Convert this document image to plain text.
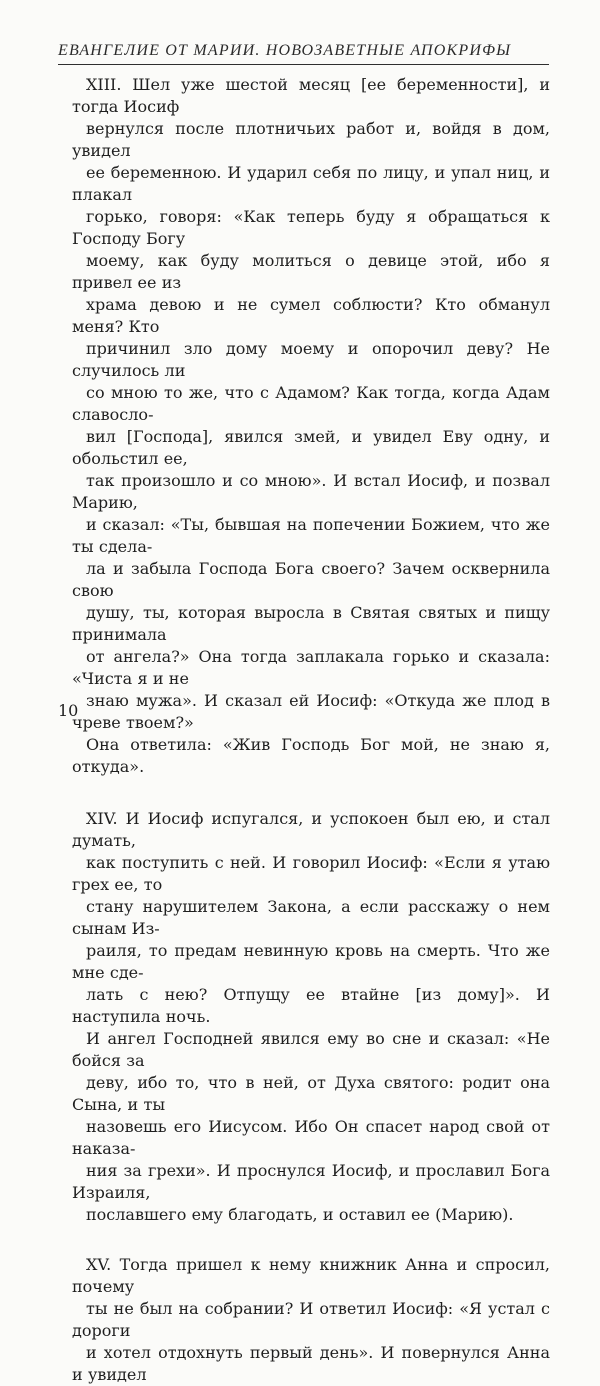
ЕВАНГЕЛИЕ ОТ МАРИИ. НОВОЗАВЕТНЫЕ АПОКРИФЫ

XIII. Шел уже шестой месяц [ее беременности], и тогда Иосиф
вернулся после плотничьих работ и, войдя в дом, увидел
ее беременною. И ударил себя по лицу, и упал ниц, и плакал
горько, говоря: «Как теперь буду я обращаться к Господу Богу
моему, как буду молиться о девице этой, ибо я привел ее из
храма девою и не сумел соблюсти? Кто обманул меня? Кто
причинил зло дому моему и опорочил деву? Не случилось ли
со мною то же, что с Адамом? Как тогда, когда Адам славосло-
вил [Господа], явился змей, и увидел Еву одну, и обольстил ее,
так произошло и со мною». И встал Иосиф, и позвал Марию,
и сказал: «Ты, бывшая на попечении Божием, что же ты сдела-
ла и забыла Господа Бога своего? Зачем осквернила свою
душу, ты, которая выросла в Святая святых и пищу принимала
от ангела?» Она тогда заплакала горько и сказала: «Чиста я и не
знаю мужа». И сказал ей Иосиф: «Откуда же плод в чреве твоем?»
Она ответила: «Жив Господь Бог мой, не знаю я, откуда».

XIV. И Иосиф испугался, и успокоен был ею, и стал думать,
как поступить с ней. И говорил Иосиф: «Если я утаю грех ее, то
стану нарушителем Закона, а если расскажу о нем сынам Из-
раиля, то предам невинную кровь на смерть. Что же мне сде-
лать с нею? Отпущу ее втайне [из дому]». И наступила ночь.
И ангел Господней явился ему во сне и сказал: «Не бойся за
деву, ибо то, что в ней, от Духа святого: родит она Сына, и ты
назовешь его Иисусом. Ибо Он спасет народ свой от наказа-
ния за грехи». И проснулся Иосиф, и прославил Бога Израиля,
пославшего ему благодать, и оставил ее (Марию).

XV. Тогда пришел к нему книжник Анна и спросил, почему
ты не был на собрании? И ответил Иосиф: «Я устал с дороги
и хотел отдохнуть первый день». И повернулся Анна и увидел

10
